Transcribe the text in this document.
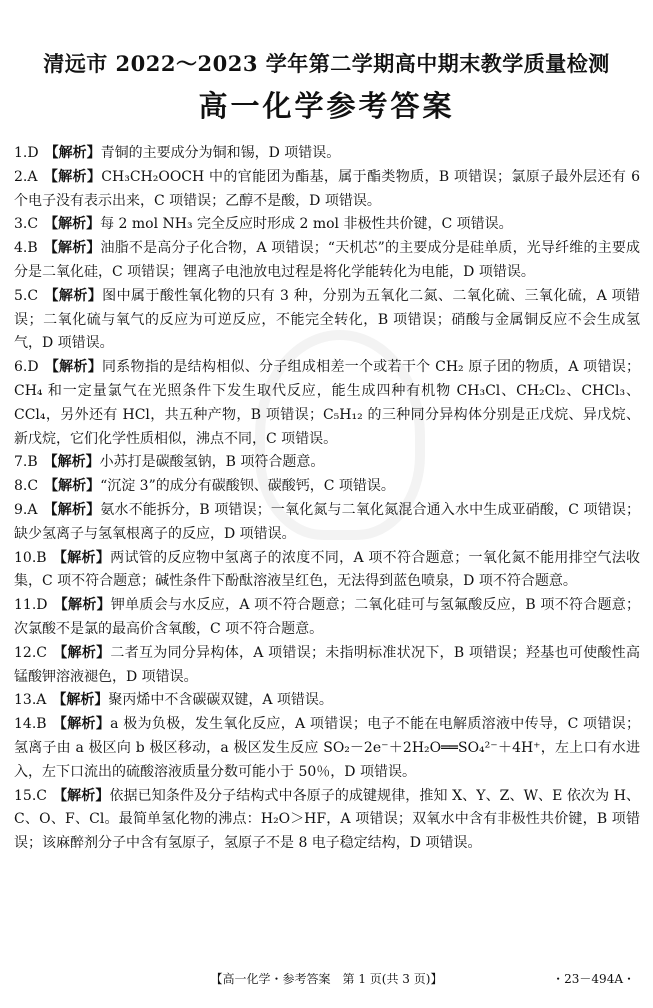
清远市 2022～2023 学年第二学期高中期末教学质量检测
高一化学参考答案

1.D 【解析】青铜的主要成分为铜和锡，D 项错误。

2.A 【解析】CH₃CH₂OOCH 中的官能团为酯基，属于酯类物质，B 项错误；氯原子最外层还有 6 个电子没有表示出来，C 项错误；乙醇不是酸，D 项错误。

3.C 【解析】每 2 mol NH₃ 完全反应时形成 2 mol 非极性共价键，C 项错误。

4.B 【解析】油脂不是高分子化合物，A 项错误；“天机芯”的主要成分是硅单质，光导纤维的主要成分是二氧化硅，C 项错误；锂离子电池放电过程是将化学能转化为电能，D 项错误。

5.C 【解析】图中属于酸性氧化物的只有 3 种，分别为五氧化二氮、二氧化硫、三氧化硫，A 项错误；二氧化硫与氧气的反应为可逆反应，不能完全转化，B 项错误；硝酸与金属铜反应不会生成氢气，D 项错误。

6.D 【解析】同系物指的是结构相似、分子组成相差一个或若干个 CH₂ 原子团的物质，A 项错误；CH₄ 和一定量氯气在光照条件下发生取代反应，能生成四种有机物 CH₃Cl、CH₂Cl₂、CHCl₃、CCl₄，另外还有 HCl，共五种产物，B 项错误；C₅H₁₂ 的三种同分异构体分别是正戊烷、异戊烷、新戊烷，它们化学性质相似，沸点不同，C 项错误。

7.B 【解析】小苏打是碳酸氢钠，B 项符合题意。

8.C 【解析】“沉淀 3”的成分有碳酸钡、碳酸钙，C 项错误。

9.A 【解析】氨水不能拆分，B 项错误；一氧化氮与二氧化氮混合通入水中生成亚硝酸，C 项错误；缺少氢离子与氢氧根离子的反应，D 项错误。

10.B 【解析】两试管的反应物中氢离子的浓度不同，A 项不符合题意；一氧化氮不能用排空气法收集，C 项不符合题意；碱性条件下酚酞溶液呈红色，无法得到蓝色喷泉，D 项不符合题意。

11.D 【解析】钾单质会与水反应，A 项不符合题意；二氧化硅可与氢氟酸反应，B 项不符合题意；次氯酸不是氯的最高价含氧酸，C 项不符合题意。

12.C 【解析】二者互为同分异构体，A 项错误；未指明标准状况下，B 项错误；羟基也可使酸性高锰酸钾溶液褪色，D 项错误。

13.A 【解析】聚丙烯中不含碳碳双键，A 项错误。

14.B 【解析】a 极为负极，发生氧化反应，A 项错误；电子不能在电解质溶液中传导，C 项错误；氢离子由 a 极区向 b 极区移动，a 极区发生反应 SO₂－2e⁻＋2H₂O══SO₄²⁻＋4H⁺，左上口有水进入，左下口流出的硫酸溶液质量分数可能小于 50％，D 项错误。

15.C 【解析】依据已知条件及分子结构式中各原子的成键规律，推知 X、Y、Z、W、E 依次为 H、C、O、F、Cl。最简单氢化物的沸点：H₂O＞HF，A 项错误；双氧水中含有非极性共价键，B 项错误；该麻醉剂分子中含有氢原子，氢原子不是 8 电子稳定结构，D 项错误。

【高一化学・参考答案　第 1 页(共 3 页)】	・23－494A・
